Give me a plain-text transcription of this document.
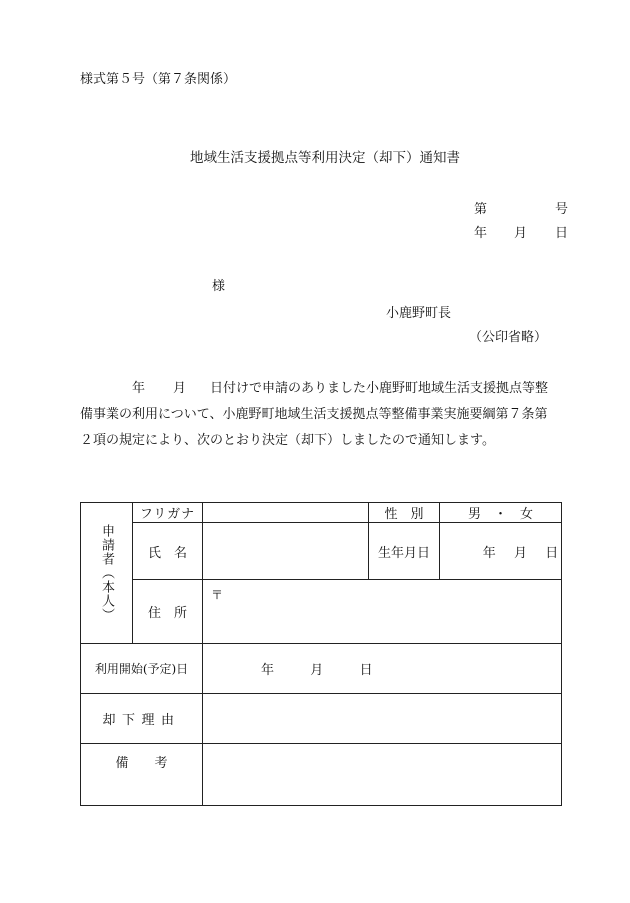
様式第５号（第７条関係）
地域生活支援拠点等利用決定（却下）通知書
第	号
年 月 日
様
小鹿野町長
（公印省略）
年 月 日付けで申請のありました小鹿野町地域生活支援拠点等整

備事業の利用について、小鹿野町地域生活支援拠点等整備事業実施要綱第７条第

２項の規定により、次のとおり決定（却下）しましたので通知します。

申請者（本人）	フリガナ		性　別	男　・　女
	氏　名		生年月日	年 月 日
	住　所	〒		
利用開始(予定)日		年 月 日		
却下理由				
備　　考				
